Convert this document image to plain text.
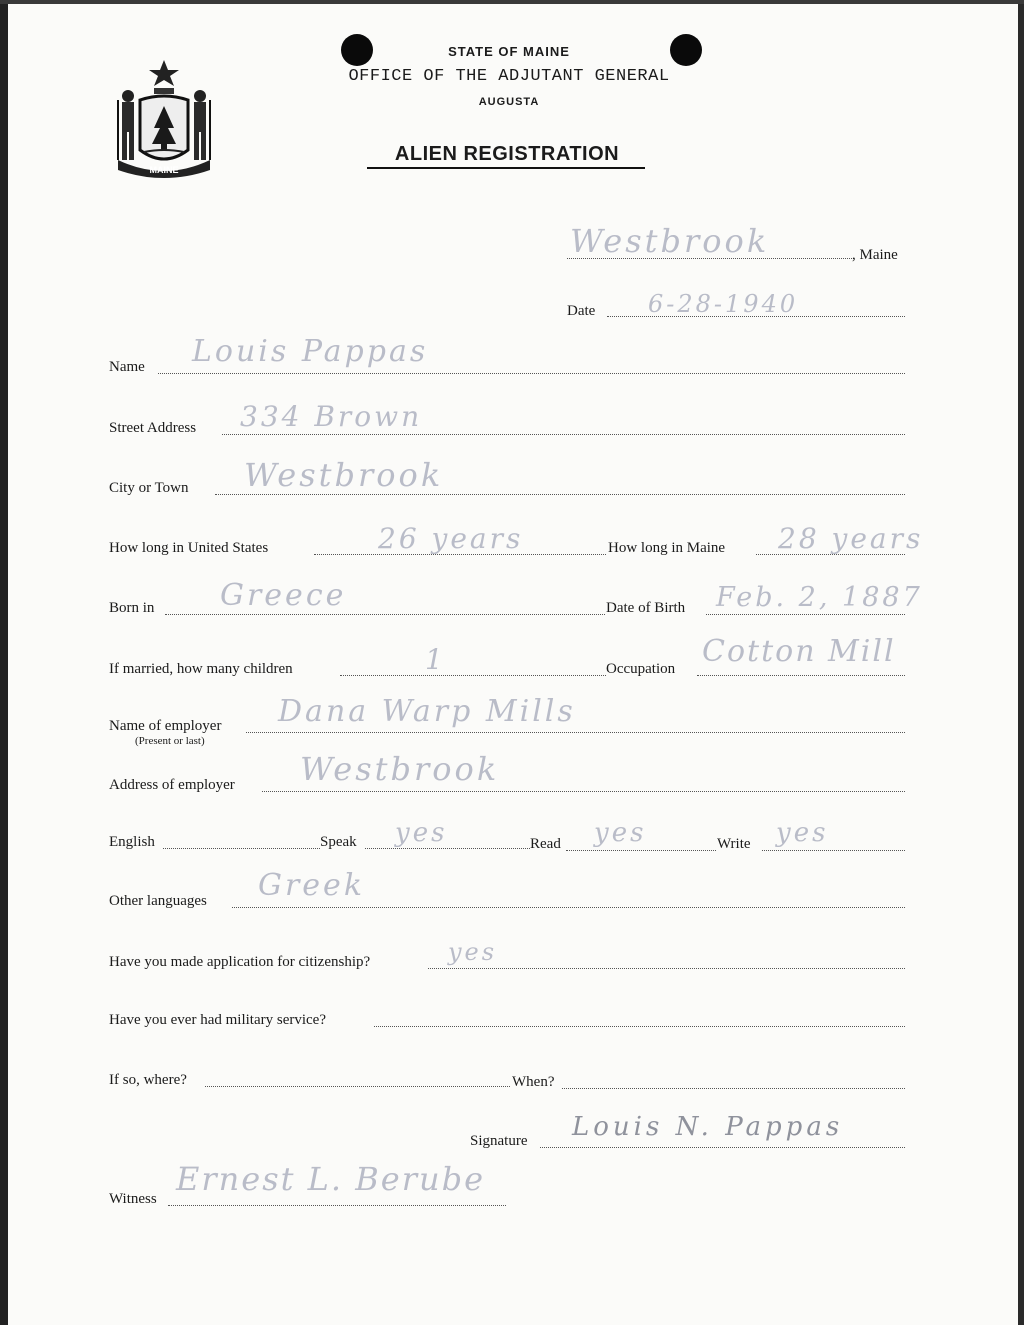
MAINE
STATE OF MAINE
OFFICE OF THE ADJUTANT GENERAL
AUGUSTA
ALIEN REGISTRATION
Westbrook	, Maine
Date 6-28-1940
Name Louis Pappas
Street Address 334 Brown
City or Town Westbrook
How long in United States	26 years	How long in Maine 28 years
Born in Greece	Date of Birth Feb. 2, 1887
If married, how many children	1	Occupation Cotton Mill
Name of employer
(Present or last)
Dana Warp Mills
Address of employer Westbrook
English	Speak yes	Read yes	Write yes
Other languages Greek
Have you made application for citizenship?	yes
Have you ever had military service?
If so, where?	When?
Signature Louis N. Pappas
Witness
Ernest L. Berube
